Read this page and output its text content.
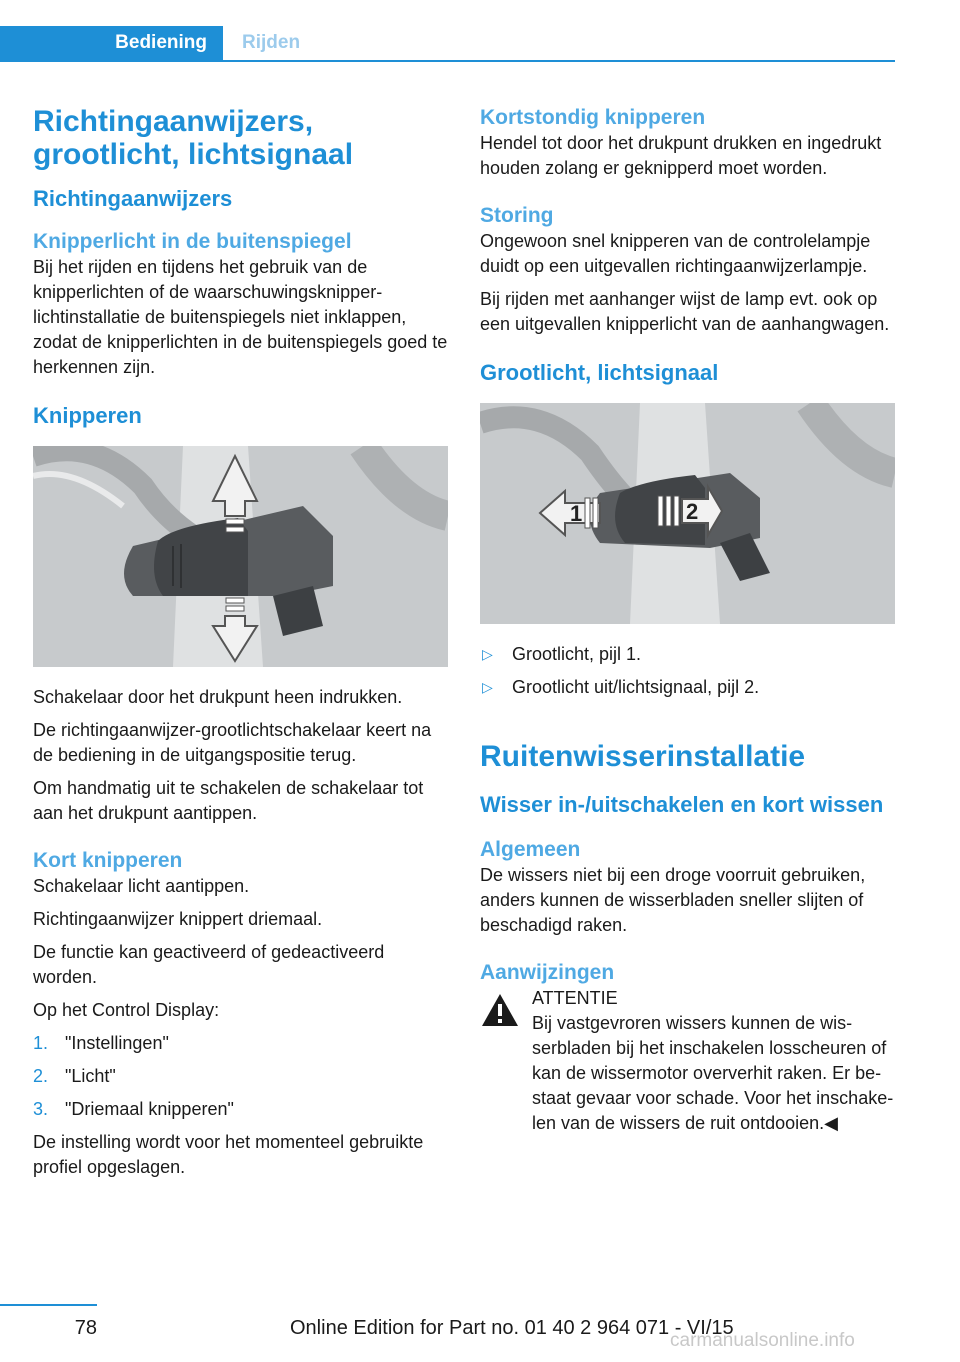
Bediening	Rijden
Richtingaanwijzers, grootlicht, lichtsignaal
Richtingaanwijzers
Knipperlicht in de buitenspiegel

Bij het rijden en tijdens het gebruik van de knipperlichten of de waarschuwingsknipperlichtinstallatie de buitenspiegels niet inklappen, zodat de knipperlichten in de buitenspiegels goed te herkennen zijn.

Knipperen

Schakelaar door het drukpunt heen indrukken.

De richtingaanwijzer-grootlichtschakelaar keert na de bediening in de uitgangspositie terug.

Om handmatig uit te schakelen de schakelaar tot aan het drukpunt aantippen.

Kort knipperen

Schakelaar licht aantippen.

Richtingaanwijzer knippert driemaal.

De functie kan geactiveerd of gedeactiveerd worden.

Op het Control Display:

1. "Instellingen"
2. "Licht"
3. "Driemaal knipperen"

De instelling wordt voor het momenteel gebruikte profiel opgeslagen.

Kortstondig knipperen

Hendel tot door het drukpunt drukken en ingedrukt houden zolang er geknipperd moet worden.

Storing

Ongewoon snel knipperen van de controlelampje duidt op een uitgevallen richtingaanwijzerlampje.

Bij rijden met aanhanger wijst de lamp evt. ook op een uitgevallen knipperlicht van de aanhangwagen.

Grootlicht, lichtsignaal
1	2
▷ Grootlicht, pijl 1.
▷ Grootlicht uit/lichtsignaal, pijl 2.
Ruitenwisserinstallatie
Wisser in-/uitschakelen en kort wissen
Algemeen

De wissers niet bij een droge voorruit gebruiken, anders kunnen de wisserbladen sneller slijten of beschadigd raken.

Aanwijzingen

ATTENTIE

Bij vastgevroren wissers kunnen de wisserbladen bij het inschakelen losscheuren of kan de wissermotor oververhit raken. Er bestaat gevaar voor schade. Voor het inschakelen van de wissers de ruit ontdooien.◀

78	Online Edition for Part no. 01 40 2 964 071 - VI/15
carmanualsonline.info
